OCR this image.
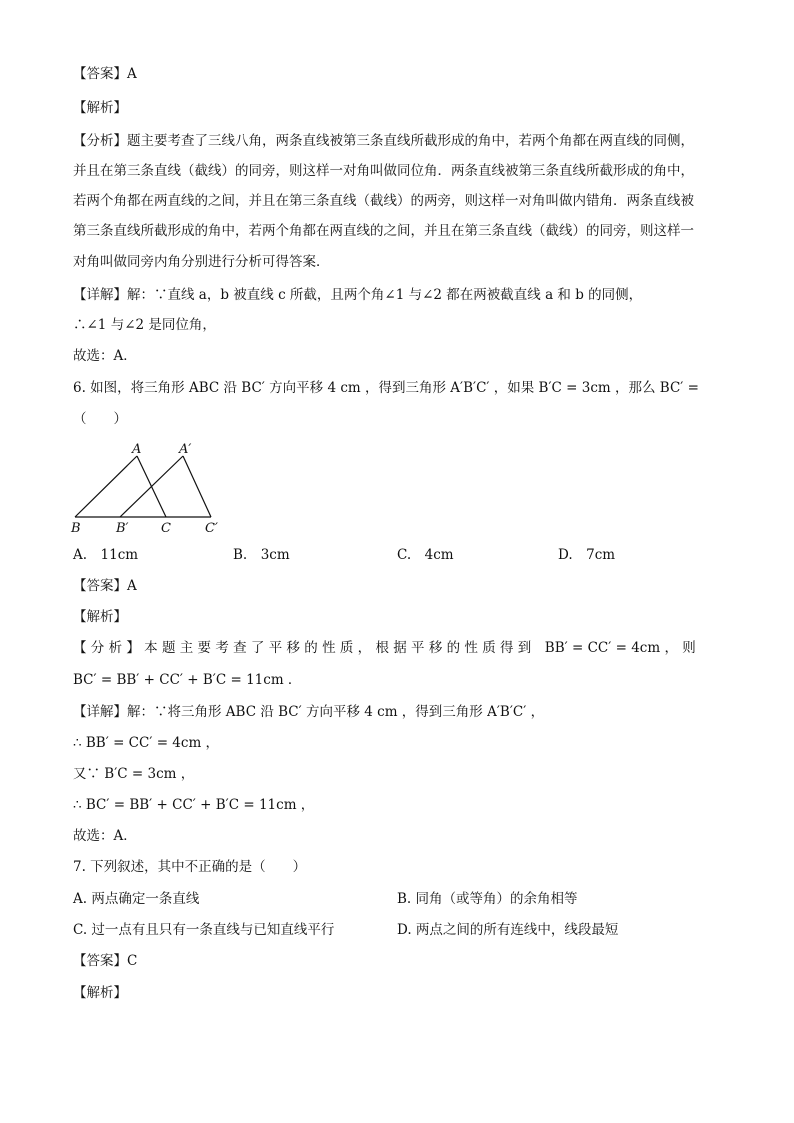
【答案】A
【解析】
【分析】题主要考查了三线八角，两条直线被第三条直线所截形成的角中，若两个角都在两直线的同侧，
并且在第三条直线（截线）的同旁，则这样一对角叫做同位角．两条直线被第三条直线所截形成的角中，
若两个角都在两直线的之间，并且在第三条直线（截线）的两旁，则这样一对角叫做内错角．两条直线被
第三条直线所截形成的角中，若两个角都在两直线的之间，并且在第三条直线（截线）的同旁，则这样一
对角叫做同旁内角分别进行分析可得答案．
【详解】解：∵直线 a，b 被直线 c 所截，且两个角∠1 与∠2 都在两被截直线 a 和 b 的同侧，
∴∠1 与∠2 是同位角，
故选：A．
6. 如图，将三角形 ABC 沿 BC′ 方向平移 4 cm ，得到三角形 A′B′C′ ，如果 B′C = 3cm ，那么 BC′ =
（　　）
A	A′
B	B′ C	C′
A.　11cm	B.　3cm	C.　4cm	D.　7cm
【答案】A
【解析】
【 分 析 】 本 题 主 要 考 查 了 平 移 的 性 质 ， 根 据 平 移 的 性 质 得 到　BB′ = CC′ = 4cm ， 则
BC′ = BB′ + CC′ + B′C = 11cm ．
【详解】解：∵将三角形 ABC 沿 BC′ 方向平移 4 cm ，得到三角形 A′B′C′ ，
∴ BB′ = CC′ = 4cm ，
又∵ B′C = 3cm ，
∴ BC′ = BB′ + CC′ + B′C = 11cm ，
故选：A．
7. 下列叙述，其中不正确的是（　　）
A. 两点确定一条直线	B. 同角（或等角）的余角相等
C. 过一点有且只有一条直线与已知直线平行	D. 两点之间的所有连线中，线段最短
【答案】C
【解析】
